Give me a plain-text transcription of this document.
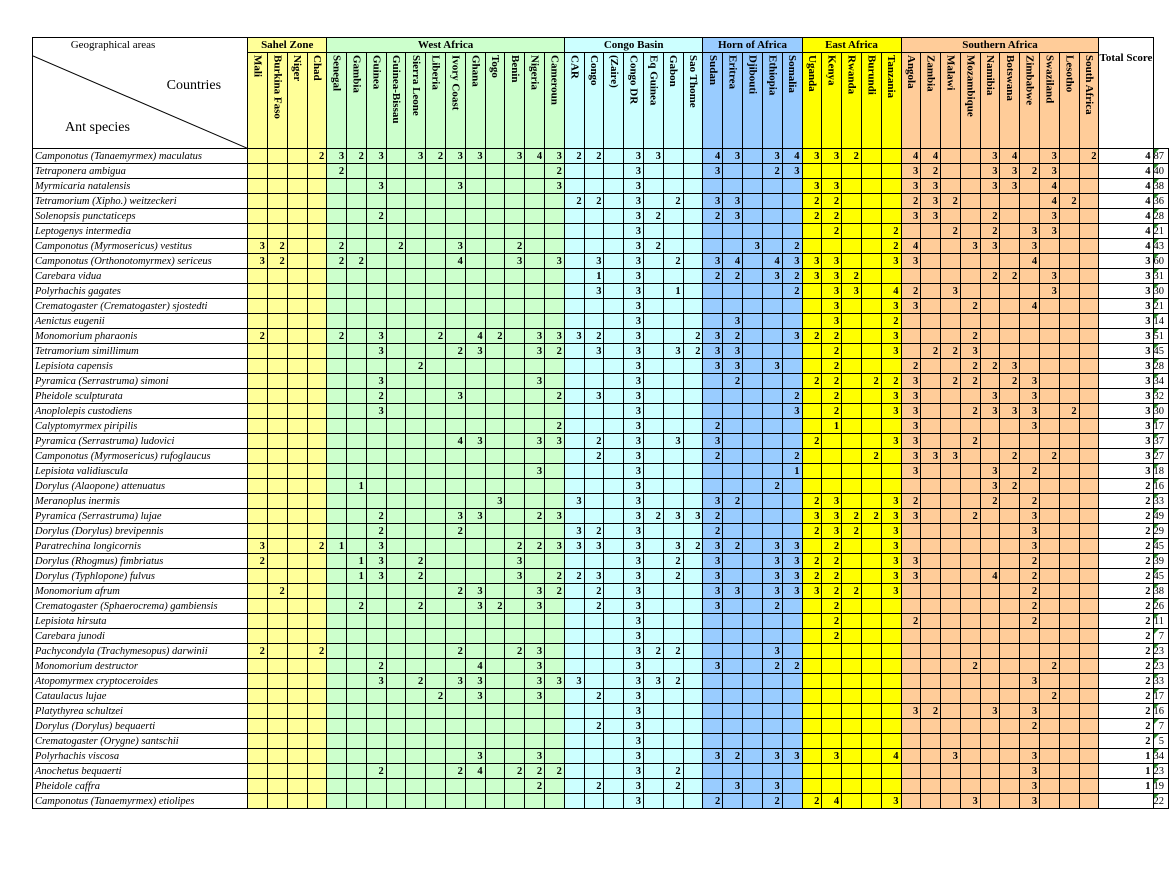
Geographical areas
Countries
Ant species	Sahel Zone				West Africa												Congo Basin							Horn of Africa					East Africa					Southern Africa										Total Score	

	Mali	Burkina Faso	Niger	Chad	Senegal	Gambia	Guinea	Guinea-Bissau	Sierra Leone	Liberia	Ivory Coast	Ghana	Togo	Benin	Nigeria	Cameroun	CAR	Congo	(Zaire)	Congo DR	Eq Guinea	Gabon	Sao Thome	Sudan	Eritrea	Djibouti	Ethiopia	Somalia	Uganda	Kenya	Rwanda	Burundi	Tanzania	Angola	Zambia	Malawi	Mozambique	Namibia	Botswana	Zimbabwe	Swaziland	Lesotho	South Africa		

Camponotus (Tanaemyrmex) maculatus				2	3	2	3		3	2	3	3		3	4	3	2	2		3	3			4	3		3	4	3	3	2			4	4			3	4		3		2	4	87
Tetraponera ambigua					2											2				3				3			2	3						3	2			3	3	2	3			4	40
Myrmicaria natalensis							3				3					3				3									3	3				3	3			3	3		4			4	38
Tetramorium (Xipho.) weitzeckeri																	2	2		3		2		3	3				2	2				2	3	2					4	2		4	36
Solenopsis punctaticeps							2													3	2			2	3				2	2				3	3			2			3			4	28
Leptogenys intermedia																				3										2			2			2		2		3	3			4	21
Camponotus (Myrmosericus) vestitus	3	2			2			2			3			2						3	2					3		2					2	4			3	3		3				4	43
Camponotus (Orthonotomyrmex) sericeus	3	2			2	2					4			3		3		3		3		2		3	4		4	3	3	3			3	3						4				3	60
Carebara vidua																		1		3				2	2		3	2	3	3	2							2	2		3			3	31
Polyrhachis gagates																		3		3		1						2		3	3		4	2		3					3			3	30
Crematogaster (Crematogaster) sjostedti																				3										3			3	3			2			4				3	21
Aenictus eugenii																				3					3					3			2											3	14
Monomorium pharaonis	2				2		3			2		4	2		3	3	3	2		3			2	3	2			3	2	2			3				2							3	51
Tetramorium simillimum							3				2	3			3	2		3		3		3	2	3	3					2			3		2	2	3							3	45
Lepisiota capensis									2											3				3	3		3			2				2			2	2	3					3	28
Pyramica (Serrastruma) simoni							3								3					3					2				2	2		2	2	3		2	2		2	3				3	34
Pheidole sculpturata							2				3					2		3		3								2		2			3	3				3		3				3	32
Anoplolepis custodiens							3													3								3		2			3	3			2	3	3	3		2		3	30
Calyptomyrmex piripilis																2				3				2						1				3						3				3	17
Pyramica (Serrastruma) ludovici											4	3			3	3		2		3		3		3					2				3	3			2							3	37
Camponotus (Myrmosericus) rufoglaucus																		2		3				2				2				2		3	3	3			2		2			3	27
Lepisiota validiuscula															3					3								1						3				3		2				3	18
Dorylus (Alaopone) attenuatus						1														3							2											3	2					2	16
Meranoplus inermis													3				3			3				3	2				2	3			3	2				2		2				2	33
Pyramica (Serrastruma) lujae							2				3	3			2	3				3	2	3	3	2					3	3	2	2	3	3			2			3				2	49
Dorylus (Dorylus) brevipennis							2				2						3	2		3				2					2	3	2		3							3				2	29
Paratrechina longicornis	3			2	1		3							2	2	3	3	3		3		3	2	3	2		3	3		2			3							3				2	45
Dorylus (Rhogmus) fimbriatus	2					1	3		2					3						3		2		3			3	3	2	2			3	3						2				2	39
Dorylus (Typhlopone) fulvus						1	3		2					3		2	2	3		3		2		3			3	3	2	2			3	3				4		2				2	45
Monomorium afrum		2									2	3			3	2		2		3				3	3		3	3	3	2	2		3							2				2	38
Crematogaster (Sphaerocrema) gambiensis						2			2			3	2		3			2		3				3			2			2										2				2	26
Lepisiota hirsuta																				3										2				2						2				2	11
Carebara junodi																				3										2														2	7
Pachycondyla (Trachymesopus) darwinii	2			2							2			2	3					3	2	2					3																	2	23
Monomorium destructor							2					4			3					3				3			2	2									2				2			2	23
Atopomyrmex cryptoceroides							3		2		3	3			3	3	3			3	3	2																		3				2	33
Cataulacus lujae										2		3			3			2		3																					2			2	17
Platythyrea schultzei																				3														3	2			3		3				2	16
Dorylus (Dorylus) bequaerti																		2		3																				2				2	7
Crematogaster (Orygne) santschii																				3																								2	5
Polyrhachis viscosa												3			3					3				3	2		3	3		3			4			3				3				1	34
Anochetus bequaerti							2				2	4		2	2	2				3		2																		3				1	23
Pheidole caffra															2			2		3		2			3		3													3				1	19
Camponotus (Tanaemyrmex) etiolipes																				3				2			2		2	4			3				3			3					22
